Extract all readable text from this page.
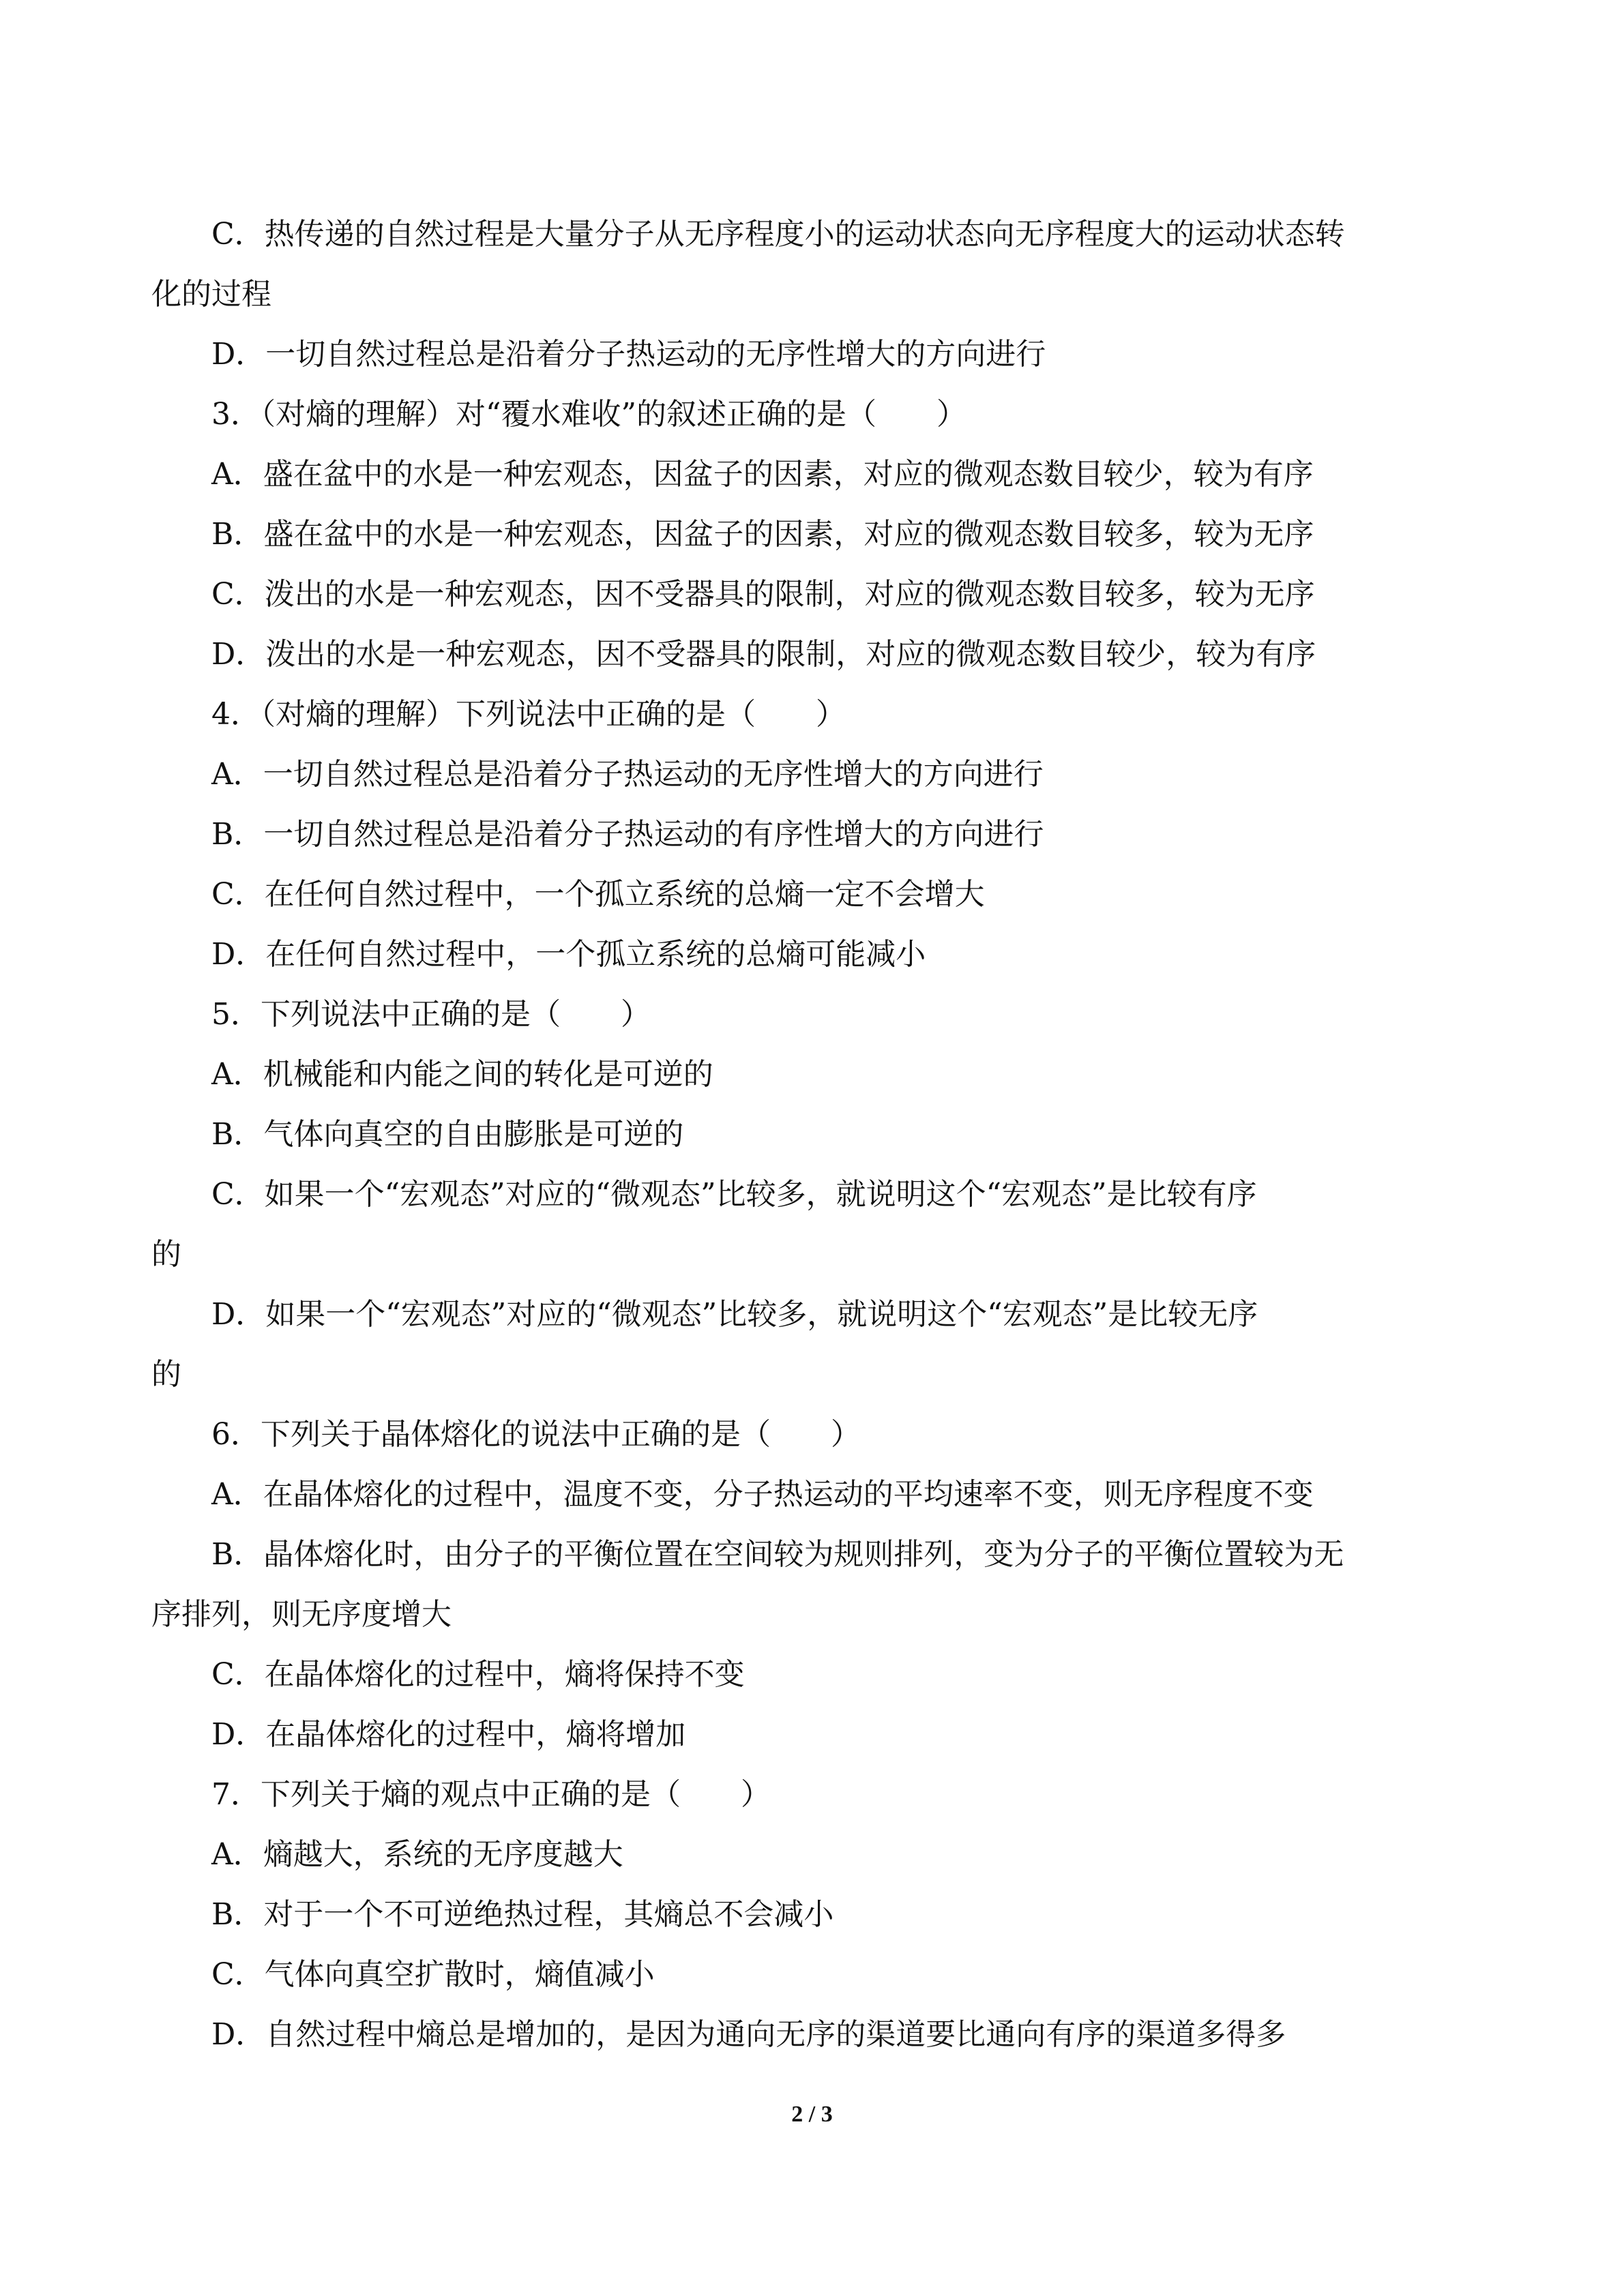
C．热传递的自然过程是大量分子从无序程度小的运动状态向无序程度大的运动状态转
化的过程
D．一切自然过程总是沿着分子热运动的无序性增大的方向进行
3．（对熵的理解）对“覆水难收”的叙述正确的是（　　）
A．盛在盆中的水是一种宏观态，因盆子的因素，对应的微观态数目较少，较为有序
B．盛在盆中的水是一种宏观态，因盆子的因素，对应的微观态数目较多，较为无序
C．泼出的水是一种宏观态，因不受器具的限制，对应的微观态数目较多，较为无序
D．泼出的水是一种宏观态，因不受器具的限制，对应的微观态数目较少，较为有序
4．（对熵的理解）下列说法中正确的是（　　）
A．一切自然过程总是沿着分子热运动的无序性增大的方向进行
B．一切自然过程总是沿着分子热运动的有序性增大的方向进行
C．在任何自然过程中，一个孤立系统的总熵一定不会增大
D．在任何自然过程中，一个孤立系统的总熵可能减小
5．下列说法中正确的是（　　）
A．机械能和内能之间的转化是可逆的
B．气体向真空的自由膨胀是可逆的
C．如果一个“宏观态”对应的“微观态”比较多，就说明这个“宏观态”是比较有序
的
D．如果一个“宏观态”对应的“微观态”比较多，就说明这个“宏观态”是比较无序
的
6．下列关于晶体熔化的说法中正确的是（　　）
A．在晶体熔化的过程中，温度不变，分子热运动的平均速率不变，则无序程度不变
B．晶体熔化时，由分子的平衡位置在空间较为规则排列，变为分子的平衡位置较为无
序排列，则无序度增大
C．在晶体熔化的过程中，熵将保持不变
D．在晶体熔化的过程中，熵将增加
7．下列关于熵的观点中正确的是（　　）
A．熵越大，系统的无序度越大
B．对于一个不可逆绝热过程，其熵总不会减小
C．气体向真空扩散时，熵值减小
D．自然过程中熵总是增加的，是因为通向无序的渠道要比通向有序的渠道多得多
2 / 3
